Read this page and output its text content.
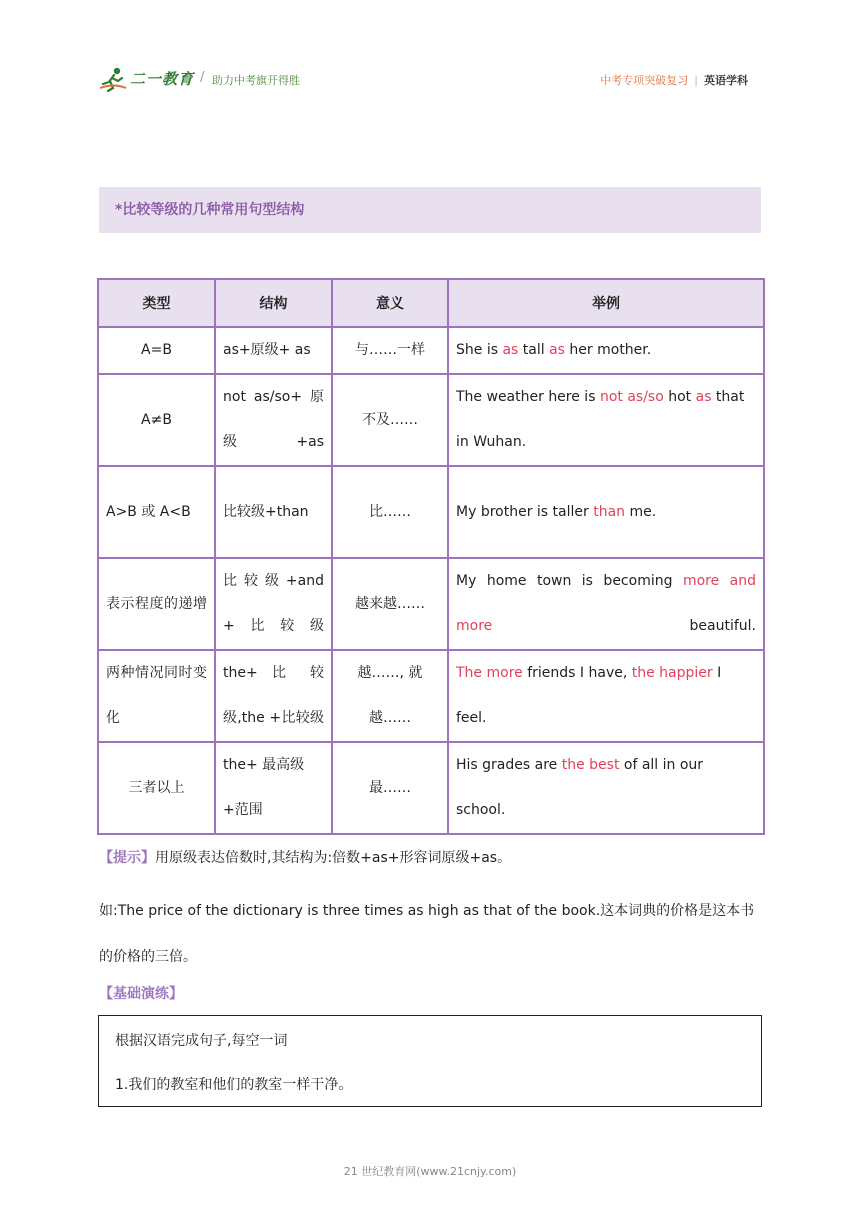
二一教育 / 助力中考旗开得胜	中考专项突破复习 | 英语学科
*比较等级的几种常用句型结构
类型	结构	意义	举例
A=B	as+原级+ as	与……一样	She is as tall as her mother.
A≠B	not as/so+ 原级 +as	不及……	The weather here is not as/so hot as that in Wuhan.
A>B 或 A<B	比较级+than	比……	My brother is taller than me.
表示程度的递增	比较级+and +比较级	越来越……	My home town is becoming more and more beautiful.
两种情况同时变化	the+ 比 较 级,the +比较级	越……, 就越……	The more friends I have, the happier I feel.
三者以上	the+ 最高级 +范围	最……	His grades are the best of all in our school.
【提示】用原级表达倍数时,其结构为:倍数+as+形容词原级+as。
如:The price of the dictionary is three times as high as that of the book.这本词典的价格是这本书的价格的三倍。
【基础演练】
根据汉语完成句子,每空一词
1.我们的教室和他们的教室一样干净。
21 世纪教育网(www.21cnjy.com)
